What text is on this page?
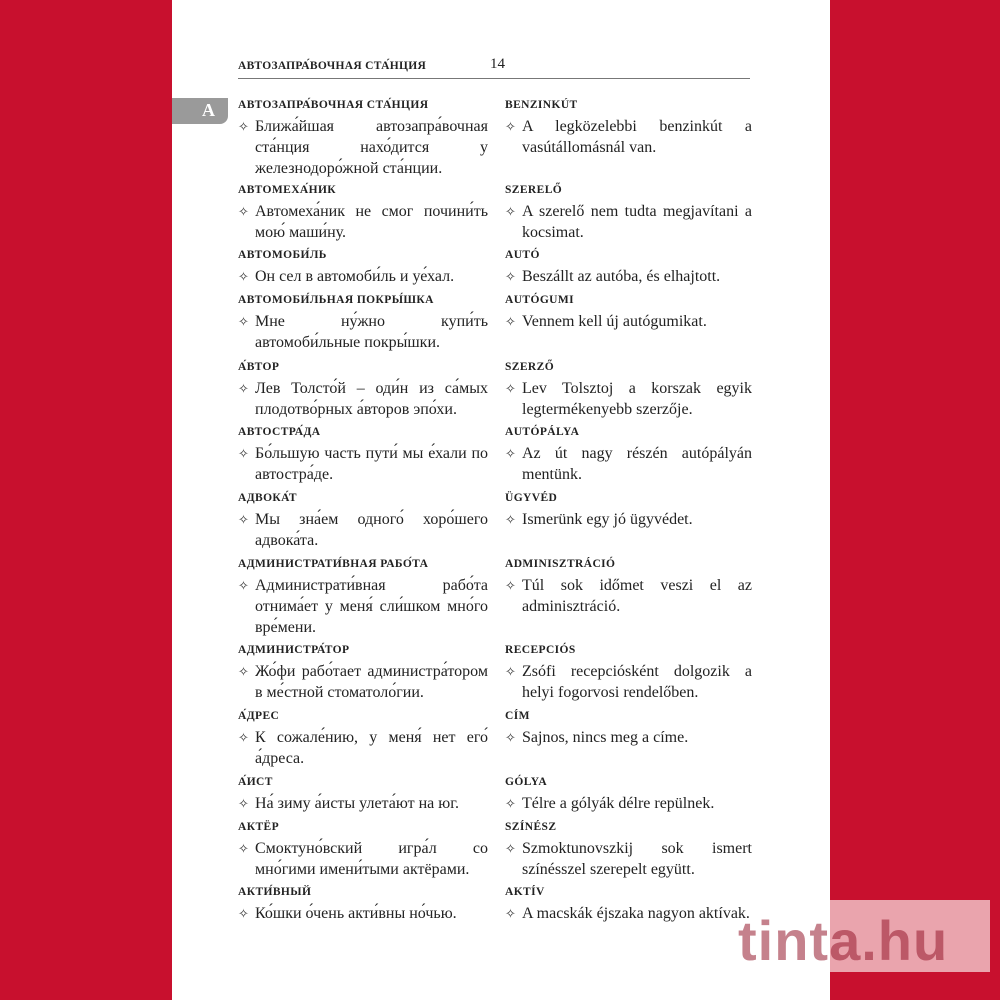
АВТОЗАПРА́ВОЧНАЯ СТА́НЦИЯ	14
A АВТОЗАПРА́ВОЧНАЯ СТА́НЦИЯ
✧ Ближа́йшая автозапра́вочная ста́нция нахо́дится у железнодоро́жной ста́нции.
АВТОМЕХА́НИК
✧ Автомеха́ник не смог почини́ть мою́ маши́ну.
АВТОМОБИ́ЛЬ
✧ Он сел в автомоби́ль и уе́хал.
АВТОМОБИ́ЛЬНАЯ ПОКРЫ́ШКА
✧ Мне ну́жно купи́ть автомоби́льные покры́шки.
А́ВТОР
✧ Лев Толсто́й – оди́н из са́мых плодотво́рных а́второв эпо́хи.
АВТОСТРА́ДА
✧ Бо́льшую часть пути́ мы е́хали по автостра́де.
АДВОКА́Т
✧ Мы зна́ем одного́ хоро́шего адвока́та.
АДМИНИСТРАТИ́ВНАЯ РАБО́ТА
✧ Администрати́вная рабо́та отнима́ет у меня́ сли́шком мно́го вре́мени.
АДМИНИСТРА́ТОР
✧ Жо́фи рабо́тает администра́тором в ме́стной стоматоло́гии.
А́ДРЕС
✧ К сожале́нию, у меня́ нет его́ а́дреса.
А́ИСТ
✧ На́ зиму а́исты улета́ют на юг.
АКТЁР
✧ Смоктуно́вский игра́л со мно́гими имени́тыми актёрами.
АКТИ́ВНЫЙ
✧ Ко́шки о́чень акти́вны но́чью.
BENZINKÚT
✧ A legközelebbi benzinkút a vasútállomásnál van.
SZERELŐ
✧ A szerelő nem tudta megjavítani a kocsimat.
AUTÓ
✧ Beszállt az autóba, és elhajtott.
AUTÓGUMI
✧ Vennem kell új autógumikat.
SZERZŐ
✧ Lev Tolsztoj a korszak egyik legtermékenyebb szerzője.
AUTÓPÁLYA
✧ Az út nagy részén autópályán mentünk.
ÜGYVÉD
✧ Ismerünk egy jó ügyvédet.
ADMINISZTRÁCIÓ
✧ Túl sok időmet veszi el az adminisztráció.
RECEPCIÓS
✧ Zsófi recepciósként dolgozik a helyi fogorvosi rendelőben.
CÍM
✧ Sajnos, nincs meg a címe.
GÓLYA
✧ Télre a gólyák délre repülnek.
SZÍNÉSZ
✧ Szmoktunovszkij sok ismert színésszel szerepelt együtt.
AKTÍV
✧ A macskák éjszaka nagyon aktívak.
tinta.hu
